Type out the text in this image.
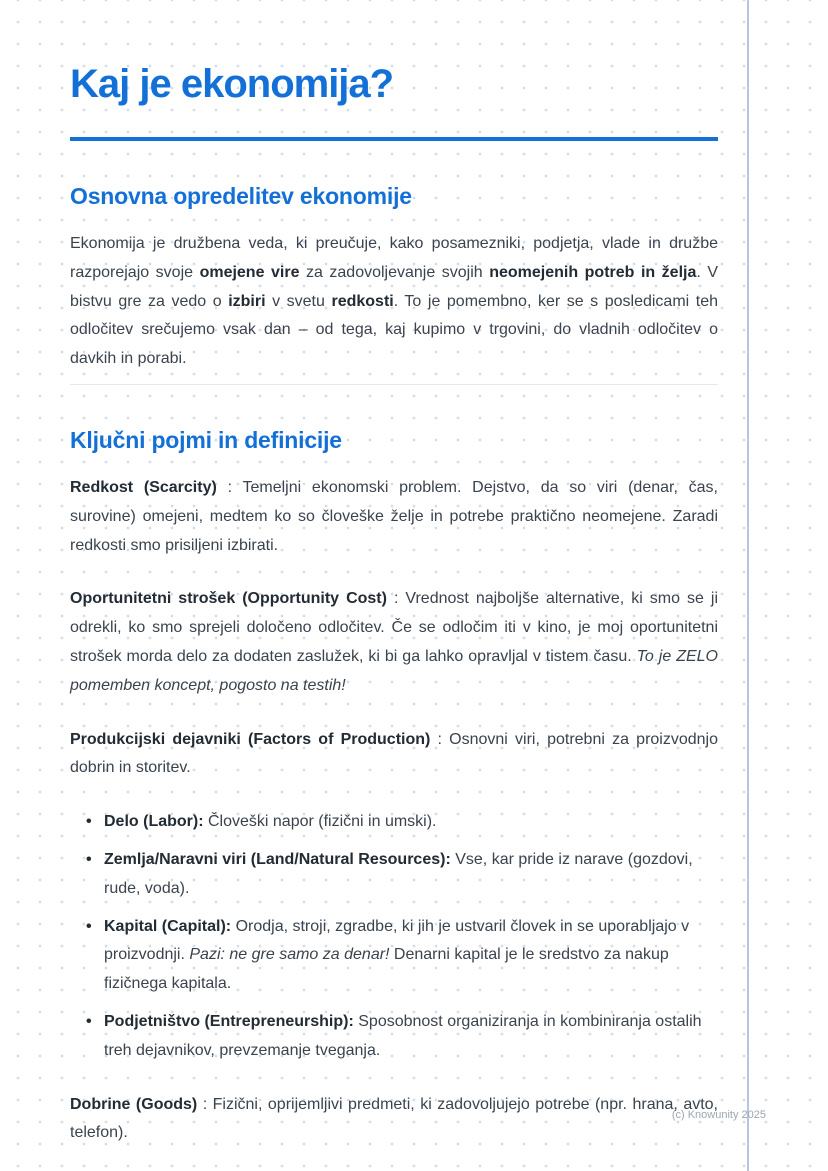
Kaj je ekonomija?
Osnovna opredelitev ekonomije

Ekonomija je družbena veda, ki preučuje, kako posamezniki, podjetja, vlade in družbe razporejajo svoje omejene vire za zadovoljevanje svojih neomejenih potreb in želja. V bistvu gre za vedo o izbiri v svetu redkosti. To je pomembno, ker se s posledicami teh odločitev srečujemo vsak dan – od tega, kaj kupimo v trgovini, do vladnih odločitev o davkih in porabi.

Ključni pojmi in definicije

Redkost (Scarcity) : Temeljni ekonomski problem. Dejstvo, da so viri (denar, čas, surovine) omejeni, medtem ko so človeške želje in potrebe praktično neomejene. Zaradi redkosti smo prisiljeni izbirati.

Oportunitetni strošek (Opportunity Cost) : Vrednost najboljše alternative, ki smo se ji odrekli, ko smo sprejeli določeno odločitev. Če se odločim iti v kino, je moj oportunitetni strošek morda delo za dodaten zaslužek, ki bi ga lahko opravljal v tistem času. To je ZELO pomemben koncept, pogosto na testih!

Produkcijski dejavniki (Factors of Production) : Osnovni viri, potrebni za proizvodnjo dobrin in storitev.

• Delo (Labor): Človeški napor (fizični in umski).
• Zemlja/Naravni viri (Land/Natural Resources): Vse, kar pride iz narave (gozdovi, rude, voda).
• Kapital (Capital): Orodja, stroji, zgradbe, ki jih je ustvaril človek in se uporabljajo v proizvodnji. Pazi: ne gre samo za denar! Denarni kapital je le sredstvo za nakup fizičnega kapitala.
• Podjetništvo (Entrepreneurship): Sposobnost organiziranja in kombiniranja ostalih treh dejavnikov, prevzemanje tveganja.

Dobrine (Goods) : Fizični, oprijemljivi predmeti, ki zadovoljujejo potrebe (npr. hrana, avto, telefon).

(c) Knowunity 2025
